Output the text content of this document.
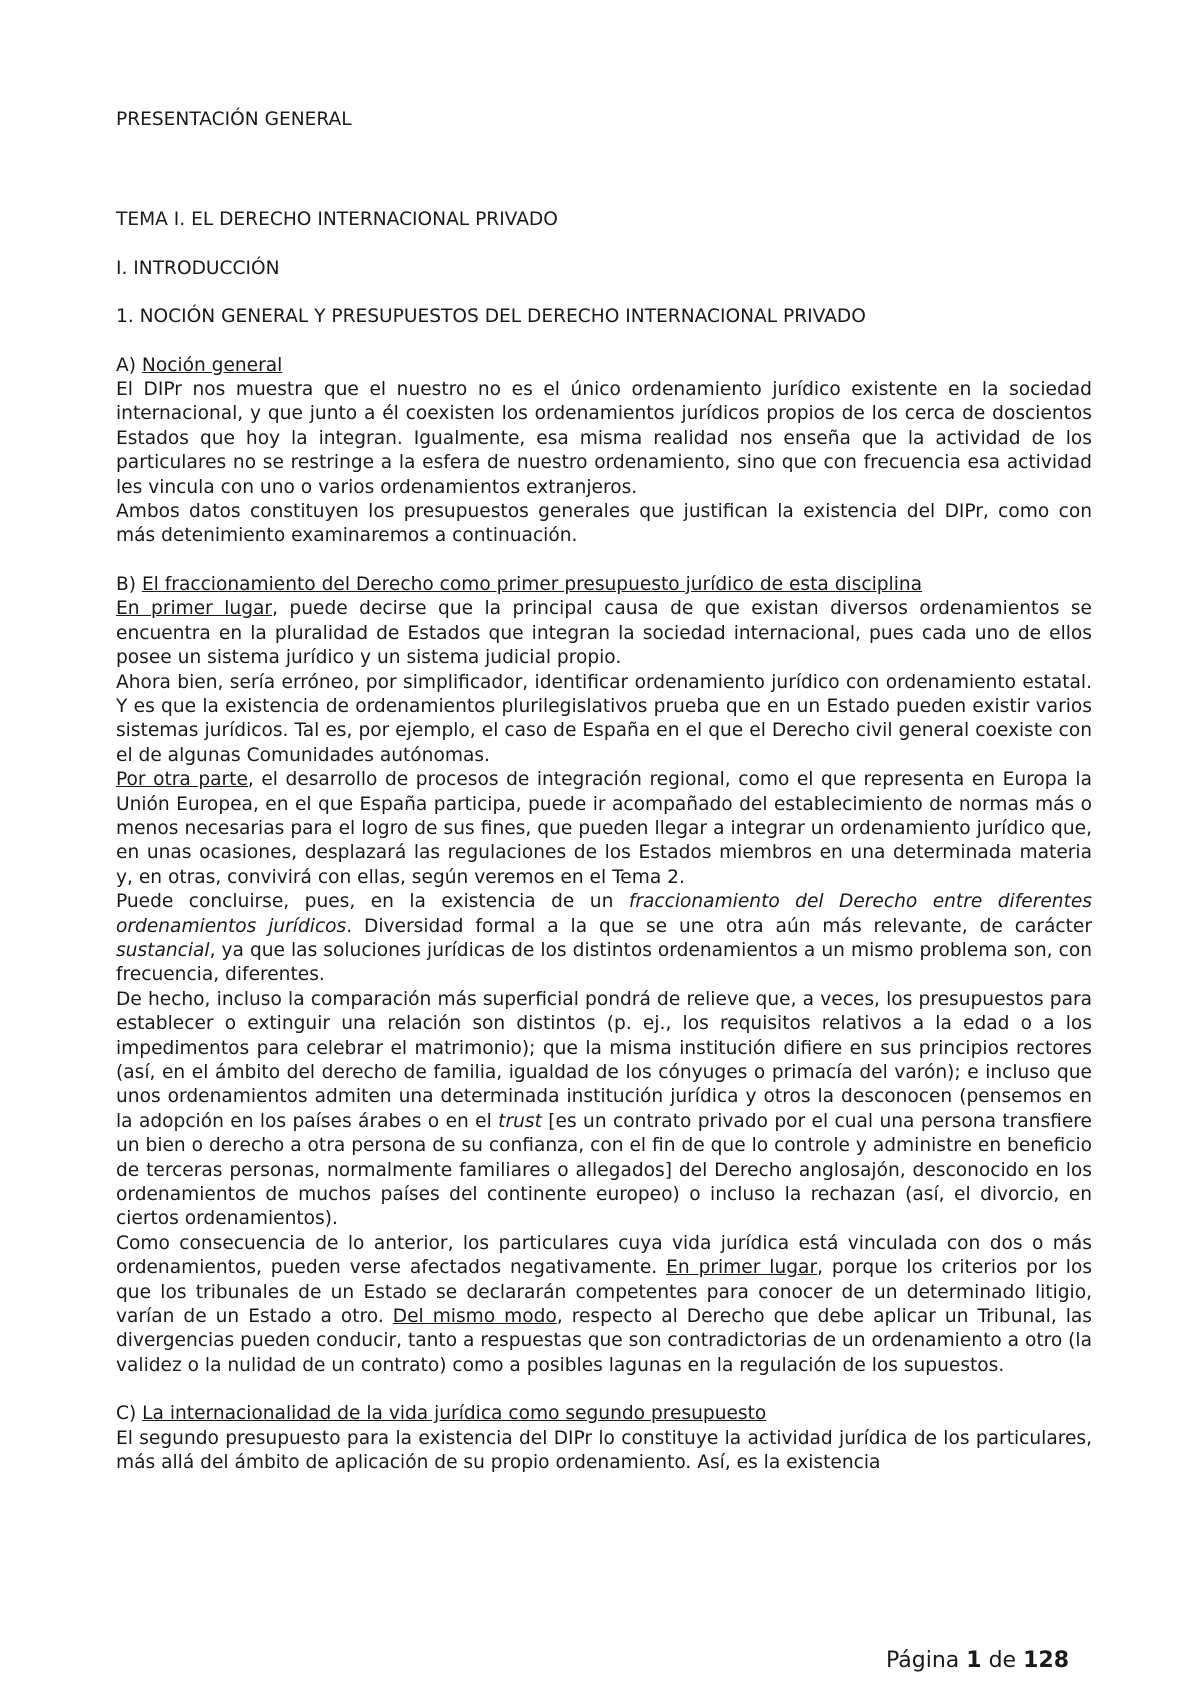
PRESENTACIÓN GENERAL

TEMA I. EL DERECHO INTERNACIONAL PRIVADO

I. INTRODUCCIÓN

1. NOCIÓN GENERAL Y PRESUPUESTOS DEL DERECHO INTERNACIONAL PRIVADO

A) Noción general

El DIPr nos muestra que el nuestro no es el único ordenamiento jurídico existente en la sociedad internacional, y que junto a él coexisten los ordenamientos jurídicos propios de los cerca de doscientos Estados que hoy la integran. Igualmente, esa misma realidad nos enseña que la actividad de los particulares no se restringe a la esfera de nuestro ordenamiento, sino que con frecuencia esa actividad les vincula con uno o varios ordenamientos extranjeros.

Ambos datos constituyen los presupuestos generales que justifican la existencia del DIPr, como con más detenimiento examinaremos a continuación.

B) El fraccionamiento del Derecho como primer presupuesto jurídico de esta disciplina

En primer lugar, puede decirse que la principal causa de que existan diversos ordenamientos se encuentra en la pluralidad de Estados que integran la sociedad internacional, pues cada uno de ellos posee un sistema jurídico y un sistema judicial propio.

Ahora bien, sería erróneo, por simplificador, identificar ordenamiento jurídico con ordenamiento estatal. Y es que la existencia de ordenamientos plurilegislativos prueba que en un Estado pueden existir varios sistemas jurídicos. Tal es, por ejemplo, el caso de España en el que el Derecho civil general coexiste con el de algunas Comunidades autónomas.

Por otra parte, el desarrollo de procesos de integración regional, como el que representa en Europa la Unión Europea, en el que España participa, puede ir acompañado del establecimiento de normas más o menos necesarias para el logro de sus fines, que pueden llegar a integrar un ordenamiento jurídico que, en unas ocasiones, desplazará las regulaciones de los Estados miembros en una determinada materia y, en otras, convivirá con ellas, según veremos en el Tema 2.

Puede concluirse, pues, en la existencia de un fraccionamiento del Derecho entre diferentes ordenamientos jurídicos. Diversidad formal a la que se une otra aún más relevante, de carácter sustancial, ya que las soluciones jurídicas de los distintos ordenamientos a un mismo problema son, con frecuencia, diferentes.

De hecho, incluso la comparación más superficial pondrá de relieve que, a veces, los presupuestos para establecer o extinguir una relación son distintos (p. ej., los requisitos relativos a la edad o a los impedimentos para celebrar el matrimonio); que la misma institución difiere en sus principios rectores (así, en el ámbito del derecho de familia, igualdad de los cónyuges o primacía del varón); e incluso que unos ordenamientos admiten una determinada institución jurídica y otros la desconocen (pensemos en la adopción en los países árabes o en el trust [es un contrato privado por el cual una persona transfiere un bien o derecho a otra persona de su confianza, con el fin de que lo controle y administre en beneficio de terceras personas, normalmente familiares o allegados] del Derecho anglosajón, desconocido en los ordenamientos de muchos países del continente europeo) o incluso la rechazan (así, el divorcio, en ciertos ordenamientos).

Como consecuencia de lo anterior, los particulares cuya vida jurídica está vinculada con dos o más ordenamientos, pueden verse afectados negativamente. En primer lugar, porque los criterios por los que los tribunales de un Estado se declararán competentes para conocer de un determinado litigio, varían de un Estado a otro. Del mismo modo, respecto al Derecho que debe aplicar un Tribunal, las divergencias pueden conducir, tanto a respuestas que son contradictorias de un ordenamiento a otro (la validez o la nulidad de un contrato) como a posibles lagunas en la regulación de los supuestos.

C) La internacionalidad de la vida jurídica como segundo presupuesto

El segundo presupuesto para la existencia del DIPr lo constituye la actividad jurídica de los particulares, más allá del ámbito de aplicación de su propio ordenamiento. Así, es la existencia

Página 1 de 128
